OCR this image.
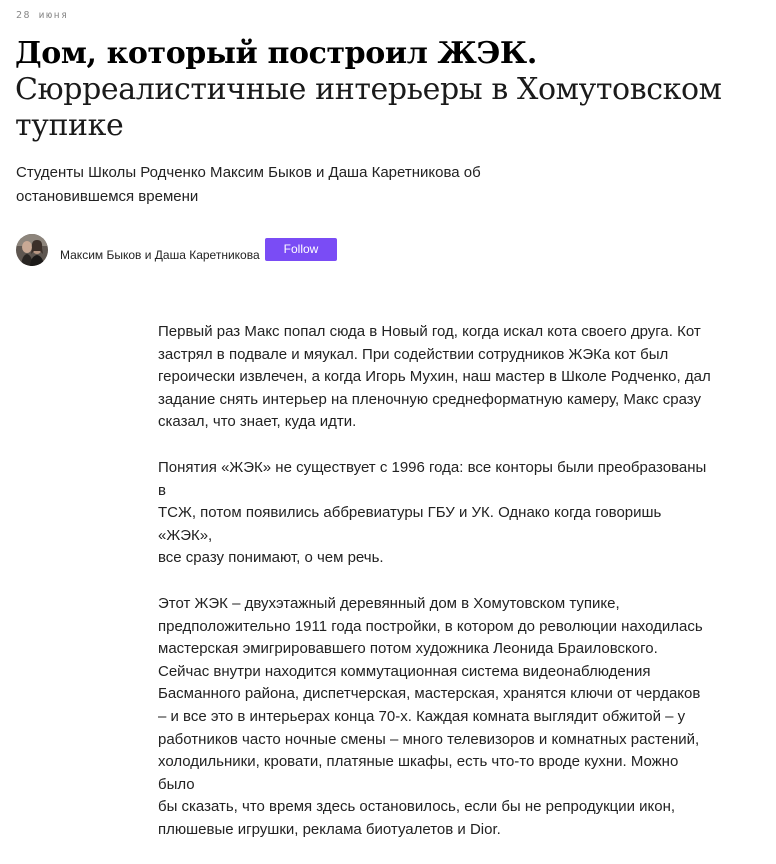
28 июня
Дом, который построил ЖЭК.
Сюрреалистичные интерьеры в Хомутовском тупике
Студенты Школы Родченко Максим Быков и Даша Каретникова об остановившемся времени
Максим Быков и Даша Каретникова	Follow

Первый раз Макс попал сюда в Новый год, когда искал кота своего друга. Кот
застрял в подвале и мяукал. При содействии сотрудников ЖЭКа кот был
героически извлечен, а когда Игорь Мухин, наш мастер в Школе Родченко, дал
задание снять интерьер на пленочную среднеформатную камеру, Макс сразу
сказал, что знает, куда идти.

Понятия «ЖЭК» не существует с 1996 года: все конторы были преобразованы в
ТСЖ, потом появились аббревиатуры ГБУ и УК. Однако когда говоришь «ЖЭК»,
все сразу понимают, о чем речь.

Этот ЖЭК – двухэтажный деревянный дом в Хомутовском тупике,
предположительно 1911 года постройки, в котором до революции находилась
мастерская эмигрировавшего потом художника Леонида Браиловского.
Сейчас внутри находится коммутационная система видеонаблюдения
Басманного района, диспетчерская, мастерская, хранятся ключи от чердаков
– и все это в интерьерах конца 70-х. Каждая комната выглядит обжитой – у
работников часто ночные смены – много телевизоров и комнатных растений,
холодильники, кровати, платяные шкафы, есть что-то вроде кухни. Можно было
бы сказать, что время здесь остановилось, если бы не репродукции икон,
плюшевые игрушки, реклама биотуалетов и Dior.
